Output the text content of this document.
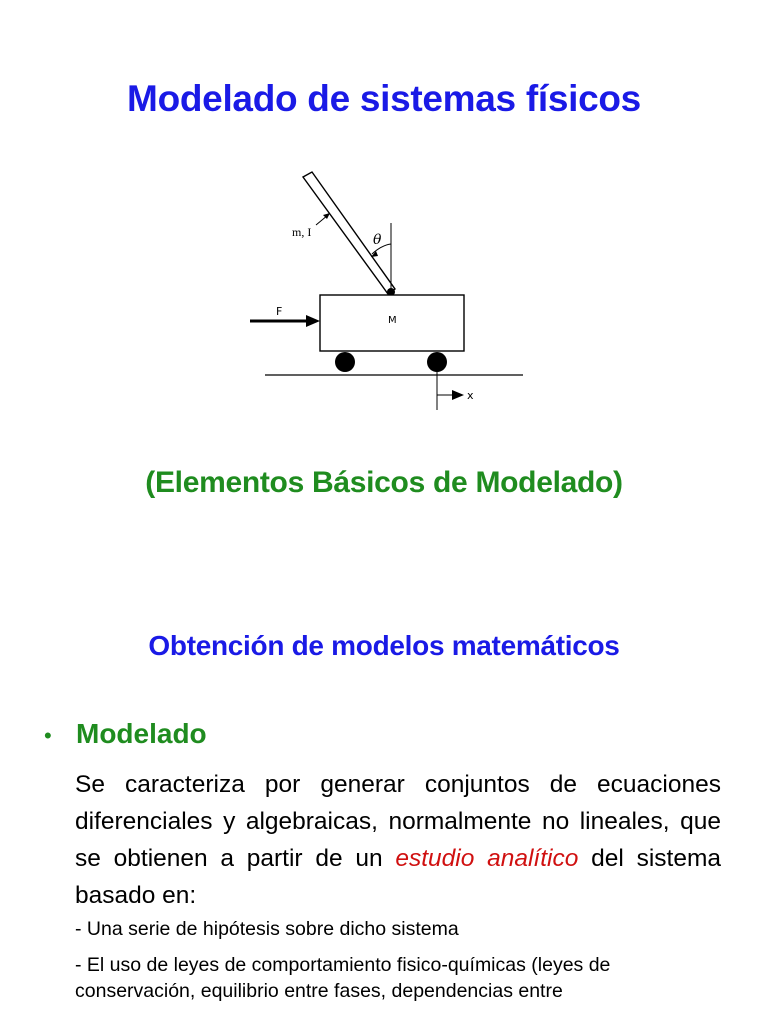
Modelado de sistemas físicos
θ
m, I
M
F
x
(Elementos Básicos de Modelado)
Obtención de modelos matemáticos
• Modelado
Se caracteriza por generar conjuntos de ecuaciones diferenciales y algebraicas, normalmente no lineales, que se obtienen a partir de un estudio analítico del sistema basado en:
- Una serie de hipótesis sobre dicho sistema
- El uso de leyes de comportamiento fisico-químicas (leyes de conservación, equilibrio entre fases, dependencias entre
